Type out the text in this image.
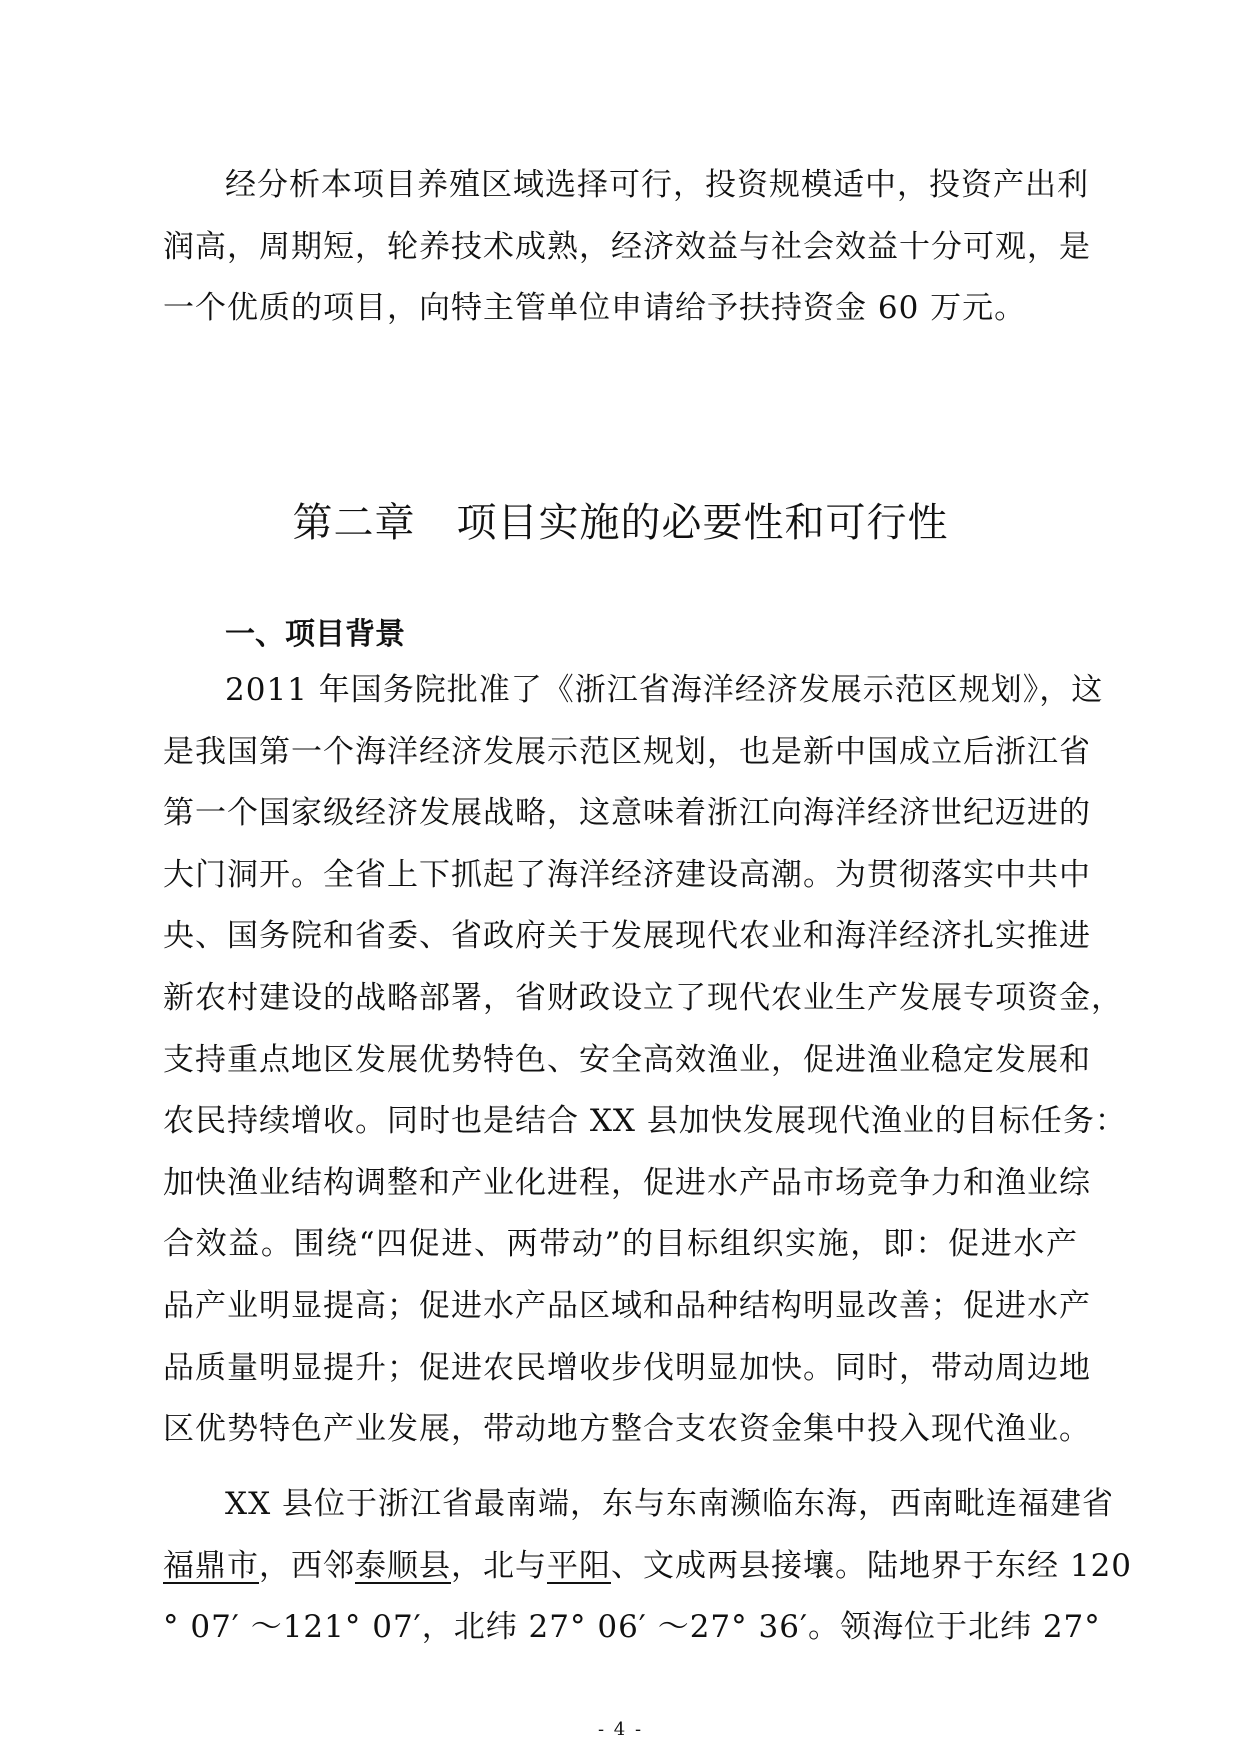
经分析本项目养殖区域选择可行，投资规模适中，投资产出利
润高，周期短，轮养技术成熟，经济效益与社会效益十分可观，是
一个优质的项目，向特主管单位申请给予扶持资金 60 万元。
第二章　项目实施的必要性和可行性
一、项目背景
2011 年国务院批准了《浙江省海洋经济发展示范区规划》，这
是我国第一个海洋经济发展示范区规划，也是新中国成立后浙江省
第一个国家级经济发展战略，这意味着浙江向海洋经济世纪迈进的
大门洞开。全省上下抓起了海洋经济建设高潮。为贯彻落实中共中
央、国务院和省委、省政府关于发展现代农业和海洋经济扎实推进
新农村建设的战略部署，省财政设立了现代农业生产发展专项资金，
支持重点地区发展优势特色、安全高效渔业，促进渔业稳定发展和
农民持续增收。同时也是结合 XX 县加快发展现代渔业的目标任务：
加快渔业结构调整和产业化进程，促进水产品市场竞争力和渔业综
合效益。围绕“四促进、两带动”的目标组织实施，即：促进水产
品产业明显提高；促进水产品区域和品种结构明显改善；促进水产
品质量明显提升；促进农民增收步伐明显加快。同时，带动周边地
区优势特色产业发展，带动地方整合支农资金集中投入现代渔业。
XX 县位于浙江省最南端，东与东南濒临东海，西南毗连福建省
福鼎市，西邻泰顺县，北与平阳、文成两县接壤。陆地界于东经 120
° 07′ ～121° 07′，北纬 27° 06′ ～27° 36′。领海位于北纬 27°
- 4 -
